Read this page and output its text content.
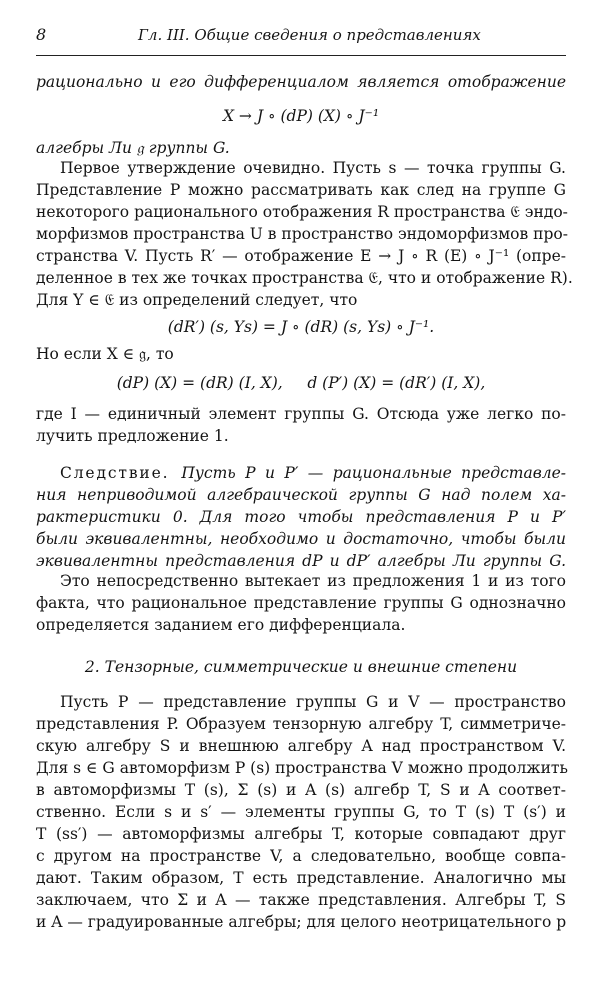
8	Гл. III. Общие сведения о представлениях
рационально и его дифференциалом является отображение
X → J ∘ (dP) (X) ∘ J⁻¹
алгебры Ли 𝔤 группы G.
Первое утверждение очевидно. Пусть s — точка группы G.
Представление P можно рассматривать как след на группе G
некоторого рационального отображения R пространства 𝔈 эндо-
морфизмов пространства U в пространство эндоморфизмов про-
странства V. Пусть R′ — отображение E → J ∘ R (E) ∘ J⁻¹ (опре-
деленное в тех же точках пространства 𝔈, что и отображение R).
Для Y ∈ 𝔈 из определений следует, что
(dR′) (s, Ys) = J ∘ (dR) (s, Ys) ∘ J⁻¹.
Но если X ∈ 𝔤, то
(dP) (X) = (dR) (I, X),     d (P′) (X) = (dR′) (I, X),
где I — единичный элемент группы G. Отсюда уже легко по-
лучить предложение 1.
Следствие. Пусть P и P′ — рациональные представле-
ния неприводимой алгебраической группы G над полем ха-
рактеристики 0. Для того чтобы представления P и P′
были эквивалентны, необходимо и достаточно, чтобы были
эквивалентны представления dP и dP′ алгебры Ли группы G.
Это непосредственно вытекает из предложения 1 и из того
факта, что рациональное представление группы G однозначно
определяется заданием его дифференциала.
2. Тензорные, симметрические и внешние степени
Пусть P — представление группы G и V — пространство
представления P. Образуем тензорную алгебру T, симметриче-
скую алгебру S и внешнюю алгебру A над пространством V.
Для s ∈ G автоморфизм P (s) пространства V можно продолжить
в автоморфизмы T (s), Σ (s) и A (s) алгебр T, S и A соответ-
ственно. Если s и s′ — элементы группы G, то T (s) T (s′) и
T (ss′) — автоморфизмы алгебры T, которые совпадают друг
с другом на пространстве V, а следовательно, вообще совпа-
дают. Таким образом, T есть представление. Аналогично мы
заключаем, что Σ и A — также представления. Алгебры T, S
и A — градуированные алгебры; для целого неотрицательного p
